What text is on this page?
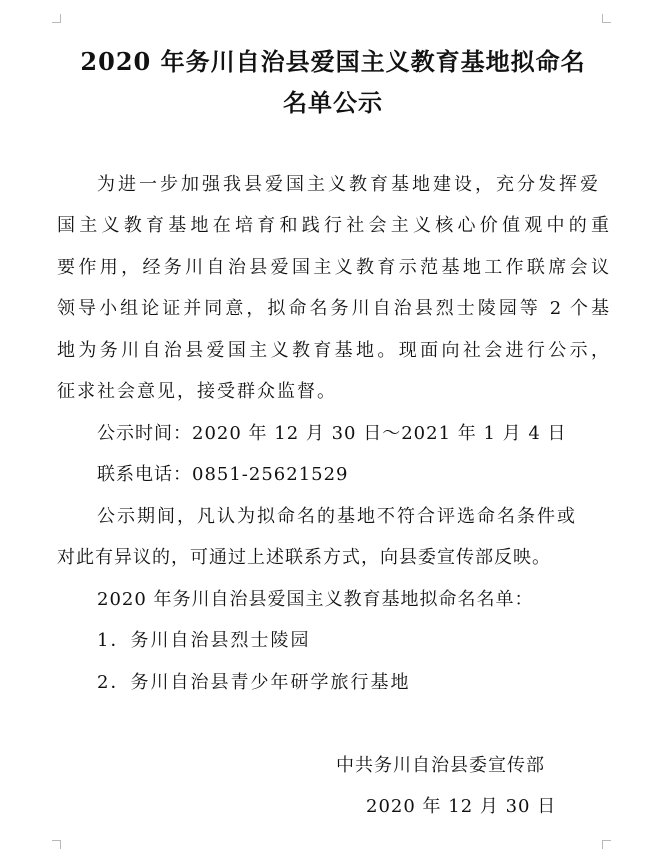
2020 年务川自治县爱国主义教育基地拟命名
名单公示

为进一步加强我县爱国主义教育基地建设，充分发挥爱

国主义教育基地在培育和践行社会主义核心价值观中的重

要作用，经务川自治县爱国主义教育示范基地工作联席会议

领导小组论证并同意，拟命名务川自治县烈士陵园等 2 个基

地为务川自治县爱国主义教育基地。现面向社会进行公示，

征求社会意见，接受群众监督。

公示时间：2020 年 12 月 30 日～2021 年 1 月 4 日

联系电话：0851-25621529

公示期间，凡认为拟命名的基地不符合评选命名条件或

对此有异议的，可通过上述联系方式，向县委宣传部反映。

2020 年务川自治县爱国主义教育基地拟命名名单：

1．务川自治县烈士陵园

2．务川自治县青少年研学旅行基地

中共务川自治县委宣传部

2020 年 12 月 30 日
